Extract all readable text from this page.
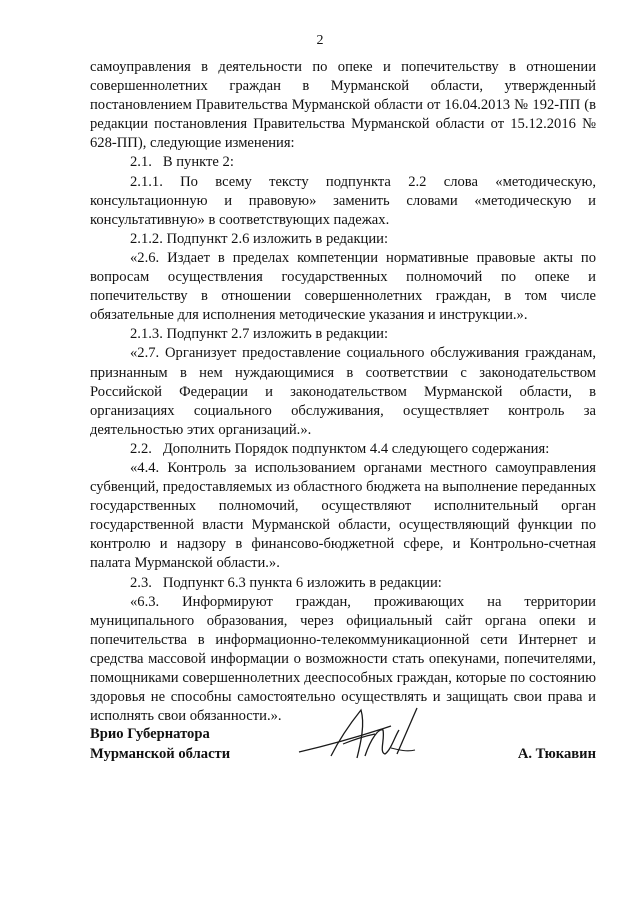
2

самоуправления в деятельности по опеке и попечительству в отношении совершеннолетних граждан в Мурманской области, утвержденный постановлением Правительства Мурманской области от 16.04.2013 № 192-ПП (в редакции постановления Правительства Мурманской области от 15.12.2016 № 628-ПП), следующие изменения:

2.1.   В пункте 2:

2.1.1. По всему тексту подпункта 2.2 слова «методическую, консультационную и правовую» заменить словами «методическую и консультативную» в соответствующих падежах.

2.1.2. Подпункт 2.6 изложить в редакции:

«2.6. Издает в пределах компетенции нормативные правовые акты по вопросам осуществления государственных полномочий по опеке и попечительству в отношении совершеннолетних граждан, в том числе обязательные для исполнения методические указания и инструкции.».

2.1.3. Подпункт 2.7 изложить в редакции:

«2.7. Организует предоставление социального обслуживания гражданам, признанным в нем нуждающимися в соответствии с законодательством Российской Федерации и законодательством Мурманской области, в организациях социального обслуживания, осуществляет контроль за деятельностью этих организаций.».

2.2.   Дополнить Порядок подпунктом 4.4 следующего содержания:

«4.4. Контроль за использованием органами местного самоуправления субвенций, предоставляемых из областного бюджета на выполнение переданных государственных полномочий, осуществляют исполнительный орган государственной власти Мурманской области, осуществляющий функции по контролю и надзору в финансово-бюджетной сфере, и Контрольно-счетная палата Мурманской области.».

2.3.   Подпункт 6.3 пункта 6 изложить в редакции:

«6.3. Информируют граждан, проживающих на территории муниципального образования, через официальный сайт органа опеки и попечительства в информационно-телекоммуникационной сети Интернет и средства массовой информации о возможности стать опекунами, попечителями, помощниками совершеннолетних дееспособных граждан, которые по состоянию здоровья не способны самостоятельно осуществлять и защищать свои права и исполнять свои обязанности.».

Врио Губернатора
Мурманской области	А. Тюкавин
